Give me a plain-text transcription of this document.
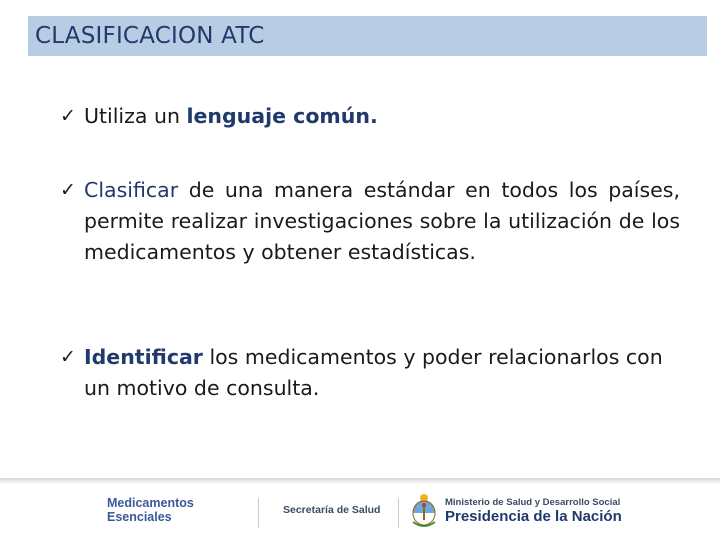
CLASIFICACION ATC
✓ Utiliza un lenguaje común.
✓ Clasificar de una manera estándar en todos los países, permite realizar investigaciones sobre la utilización de los medicamentos y obtener estadísticas.
✓ Identificar los medicamentos y poder relacionarlos con un motivo de consulta.
Medicamentos
Esenciales	Secretaría de Salud
Ministerio de Salud y Desarrollo Social
Presidencia de la Nación
